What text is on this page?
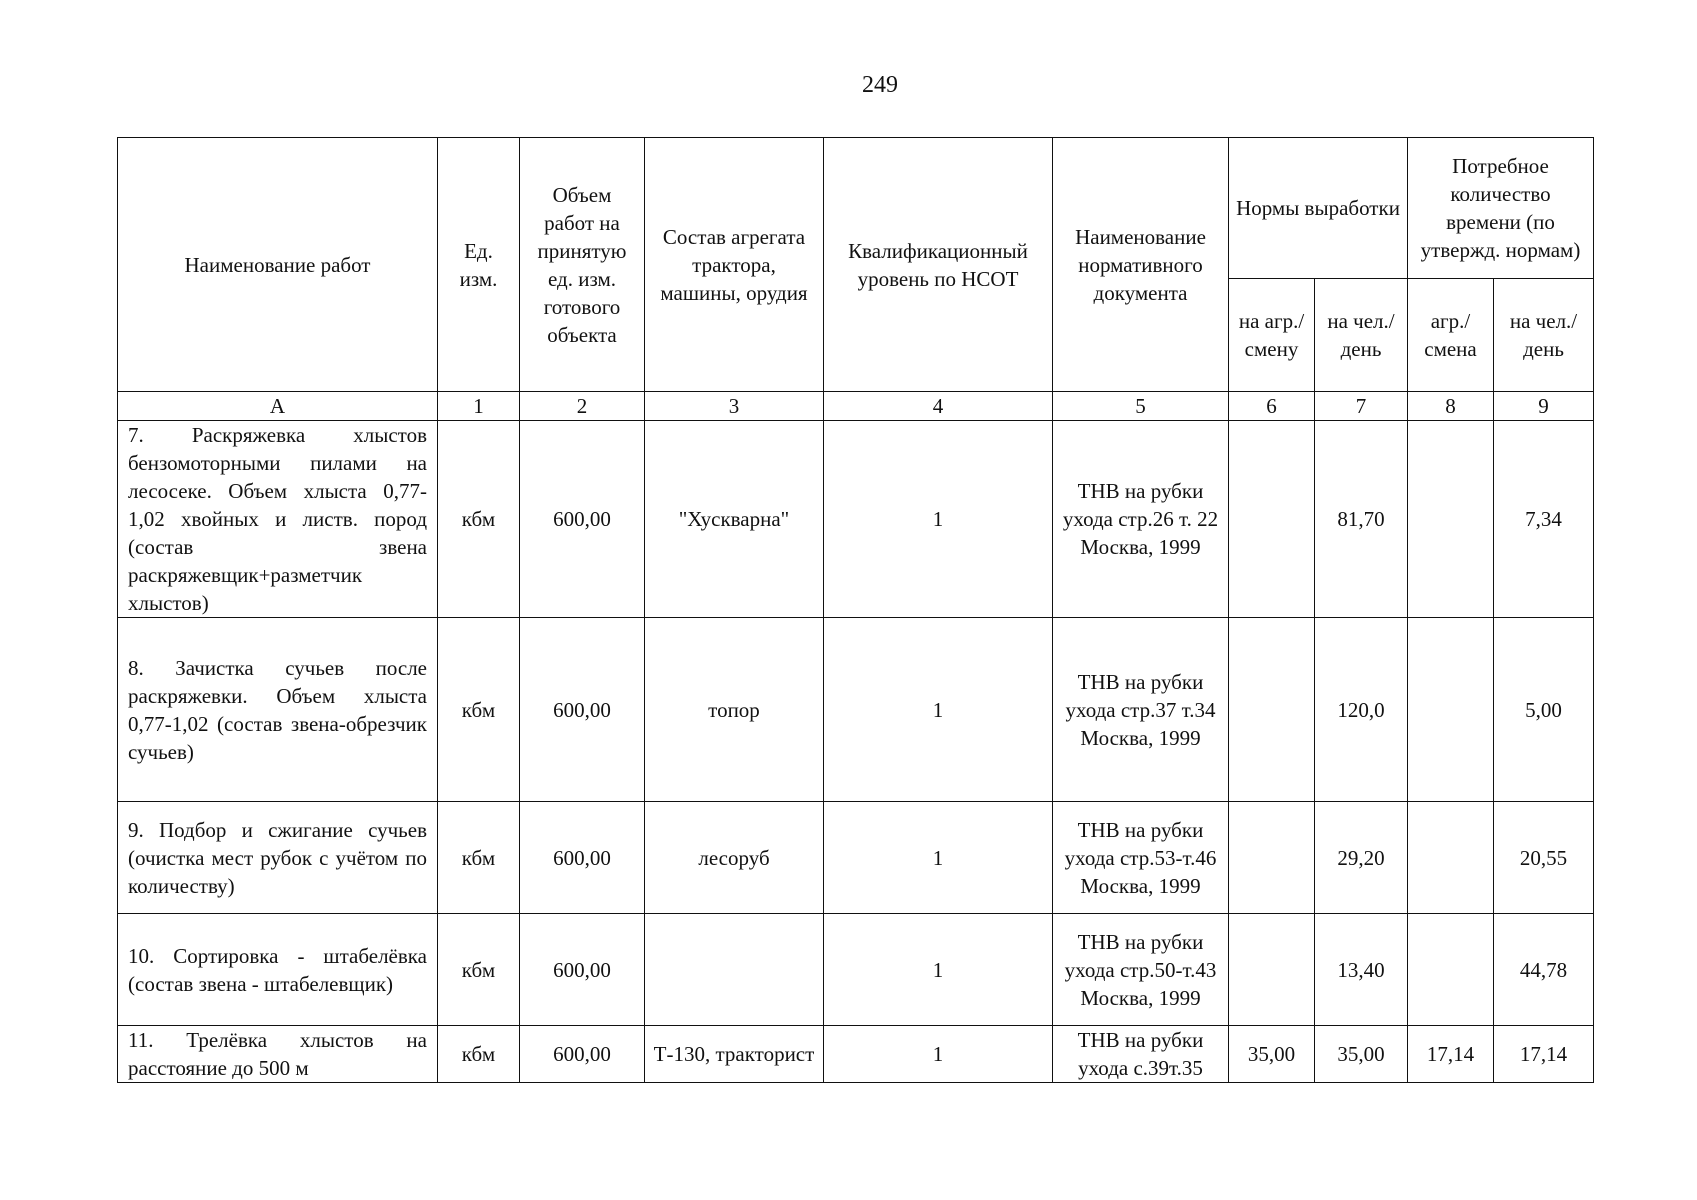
249
Наименование работ	Ед. изм.	Объем работ на принятую ед. изм. готового объекта	Состав агрегата трактора, машины, орудия	Квалификационный уровень по НСОТ	Наименование нормативного документа	Нормы выработки		Потребное количество времени (по утвержд. нормам)	
						на агр./ смену	на чел./ день	агр./ смена	на чел./ день
А	1	2	3	4	5	6	7	8	9
7. Раскряжевка хлыстов бензомоторными пилами на лесосеке. Объем хлыста 0,77-1,02 хвойных и листв. пород (состав звена раскряжевщик+разметчик хлыстов)	кбм	600,00	"Хускварна"	1	ТНВ на рубки ухода стр.26 т. 22 Москва, 1999		81,70		7,34
8. Зачистка сучьев после раскряжевки. Объем хлыста 0,77-1,02 (состав звена-обрезчик сучьев)	кбм	600,00	топор	1	ТНВ на рубки ухода стр.37 т.34 Москва, 1999		120,0		5,00
9. Подбор и сжигание сучьев (очистка мест рубок с учётом по количеству)	кбм	600,00	лесоруб	1	ТНВ на рубки ухода стр.53-т.46 Москва, 1999		29,20		20,55
10. Сортировка - штабелёвка (состав звена - штабелевщик)	кбм	600,00		1	ТНВ на рубки ухода стр.50-т.43 Москва, 1999		13,40		44,78
11. Трелёвка хлыстов на расстояние до 500 м	кбм	600,00	Т-130, тракторист	1	ТНВ на рубки ухода с.39т.35	35,00	35,00	17,14	17,14
